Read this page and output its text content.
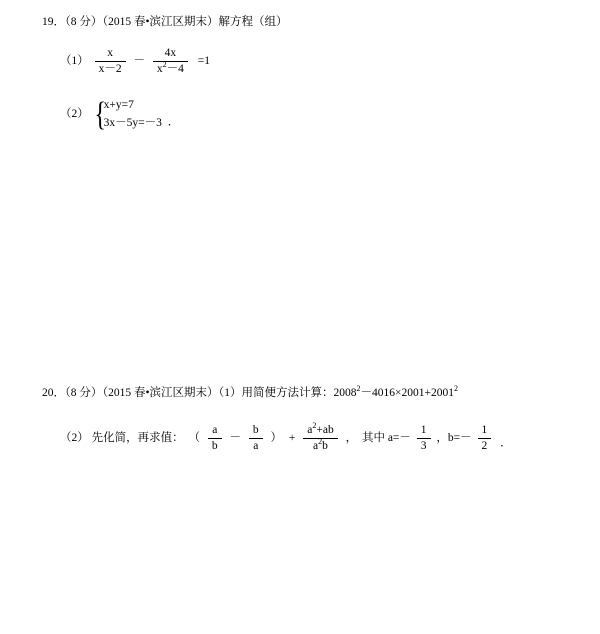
19．（8 分）（2015 春•滨江区期末）解方程（组）
$(1) \frac{x}{x-2} - \frac{4x}{x^2-4} =1$
（2） {
x+y=7
3x－5y=－3 ．
20．（8 分）（2015 春•滨江区期末）（1）用简便方法计算：$2008^2-4016\times 2001+2001^2$
（2） 先化简，再求值： （ $\frac{a}{b} - \frac{b}{a}$ ） + $\frac{a^2+ab}{a^2b}$ ， 其中 $a=- \frac{1}{3}$ ，$b=- \frac{1}{2}$ ．
